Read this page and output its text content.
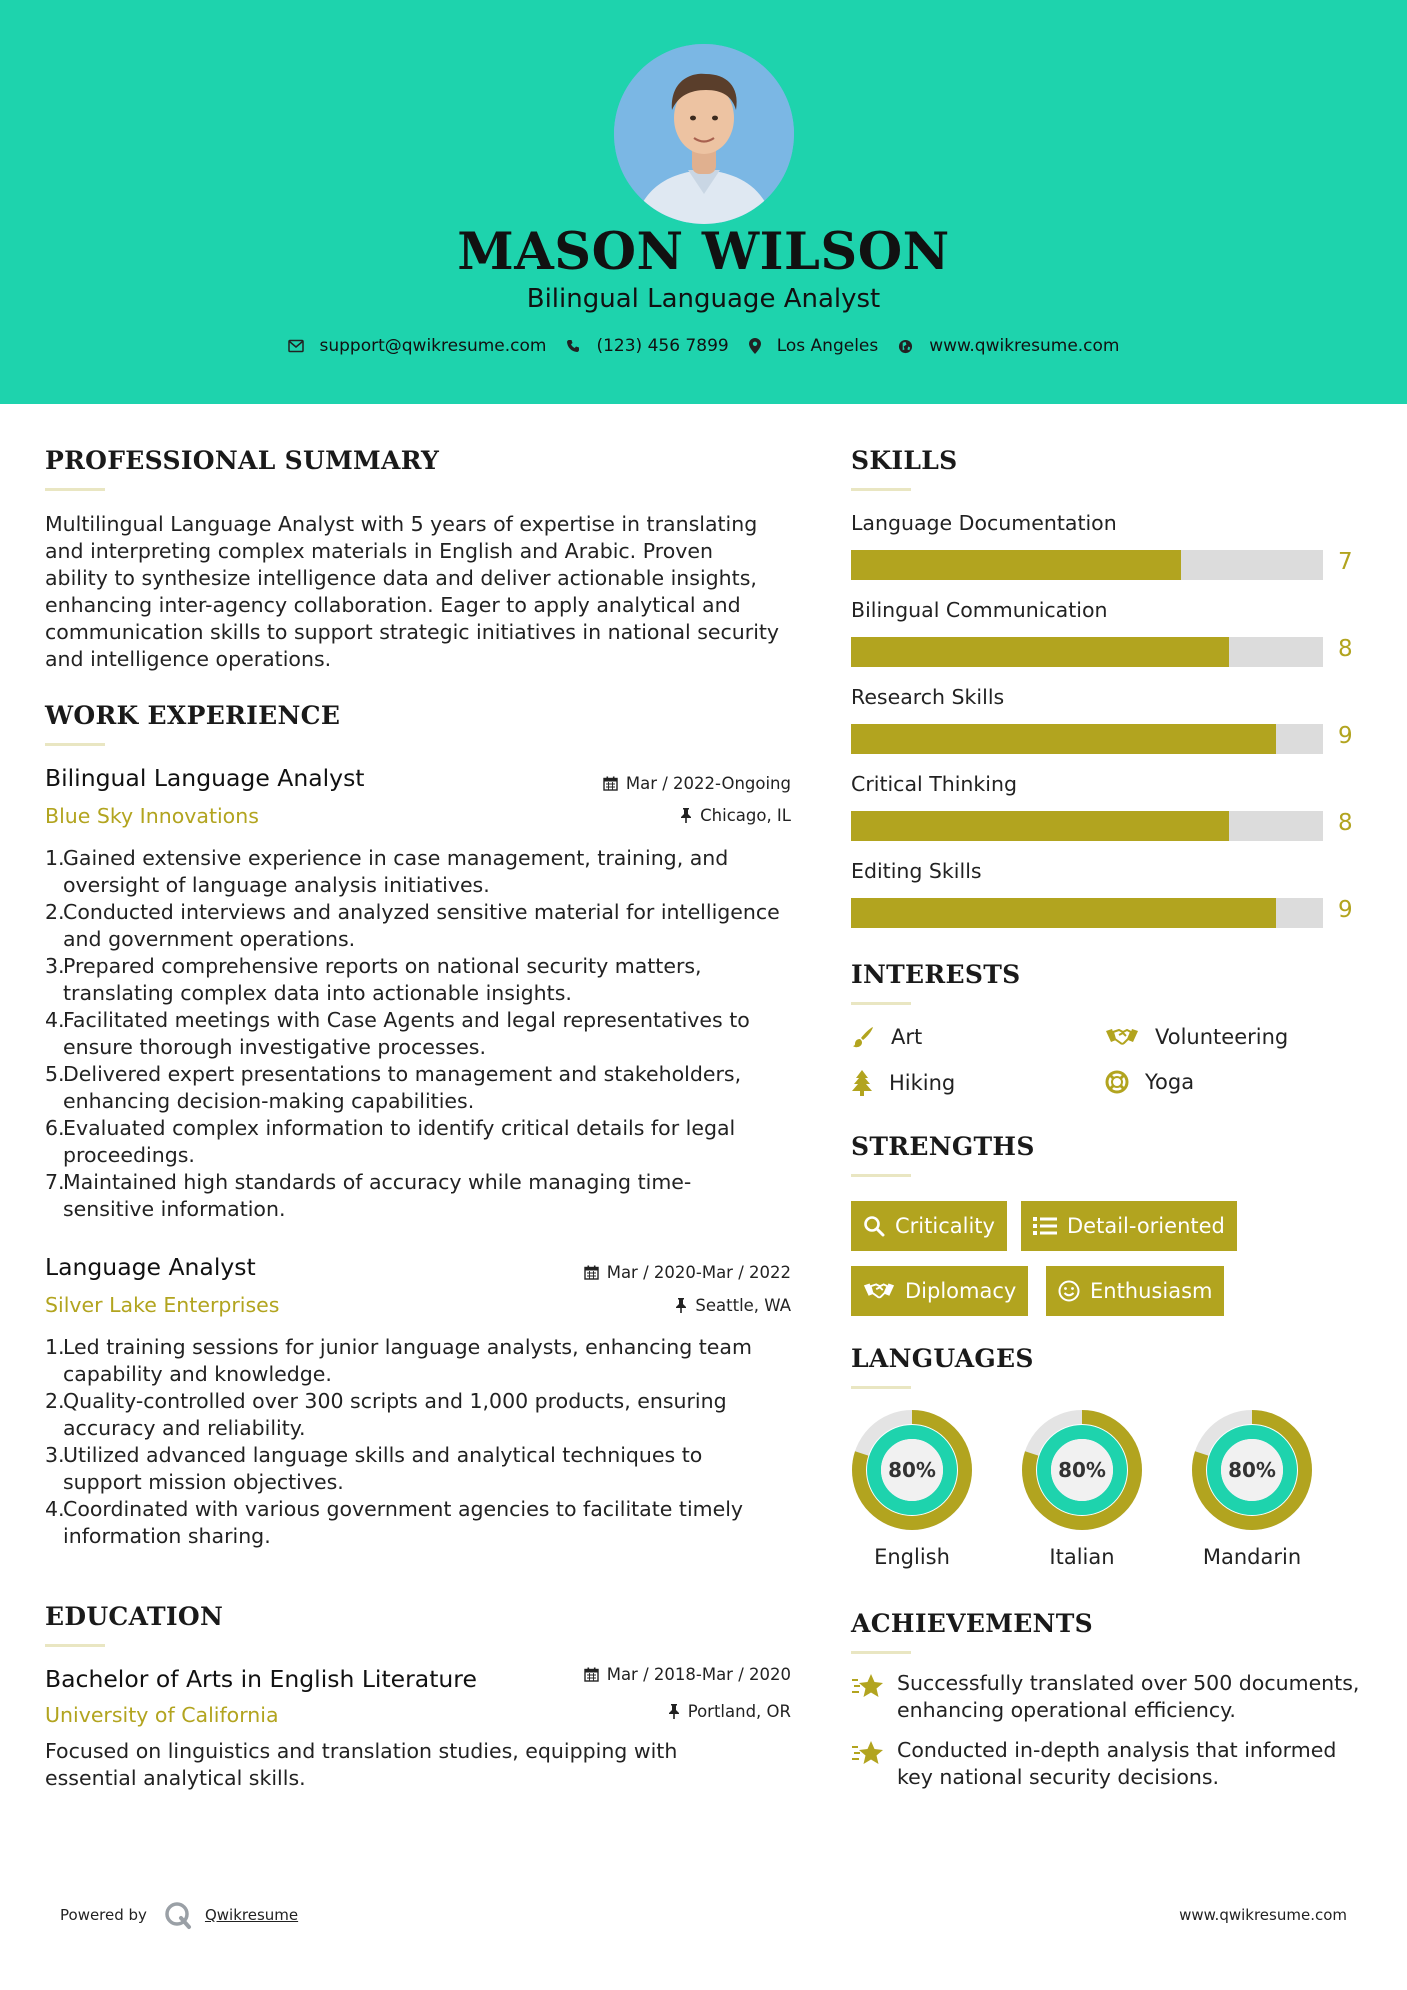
MASON WILSON
Bilingual Language Analyst
support@qwikresume.com	(123) 456 7899	Los Angeles	www.qwikresume.com
PROFESSIONAL SUMMARY
Multilingual Language Analyst with 5 years of expertise in translating
and interpreting complex materials in English and Arabic. Proven
ability to synthesize intelligence data and deliver actionable insights,
enhancing inter-agency collaboration. Eager to apply analytical and
communication skills to support strategic initiatives in national security
and intelligence operations.
WORK EXPERIENCE
Bilingual Language Analyst
Blue Sky Innovations
Mar / 2022-Ongoing
Chicago, IL
1.
Gained extensive experience in case management, training, and
oversight of language analysis initiatives.
2.
Conducted interviews and analyzed sensitive material for intelligence
and government operations.
3.
Prepared comprehensive reports on national security matters,
translating complex data into actionable insights.
4.
Facilitated meetings with Case Agents and legal representatives to
ensure thorough investigative processes.
5.
Delivered expert presentations to management and stakeholders,
enhancing decision-making capabilities.
6.
Evaluated complex information to identify critical details for legal
proceedings.
7.
Maintained high standards of accuracy while managing time-
sensitive information.
Language Analyst
Silver Lake Enterprises
Mar / 2020-Mar / 2022
Seattle, WA
1.
Led training sessions for junior language analysts, enhancing team
capability and knowledge.
2.
Quality-controlled over 300 scripts and 1,000 products, ensuring
accuracy and reliability.
3.
Utilized advanced language skills and analytical techniques to
support mission objectives.
4.
Coordinated with various government agencies to facilitate timely
information sharing.
EDUCATION
Bachelor of Arts in English Literature
University of California
Mar / 2018-Mar / 2020
Portland, OR
Focused on linguistics and translation studies, equipping with
essential analytical skills.
SKILLS
Language Documentation
7
Bilingual Communication
8
Research Skills
9
Critical Thinking
8
Editing Skills
9
INTERESTS
Art	Volunteering
Hiking	Yoga
STRENGTHS
Criticality	Detail-oriented
Diplomacy	Enthusiasm
LANGUAGES
80%
English
80%
Italian
80%
Mandarin
ACHIEVEMENTS
Successfully translated over 500 documents,
enhancing operational efficiency.
Conducted in-depth analysis that informed
key national security decisions.
Powered by	Qwikresume	www.qwikresume.com
